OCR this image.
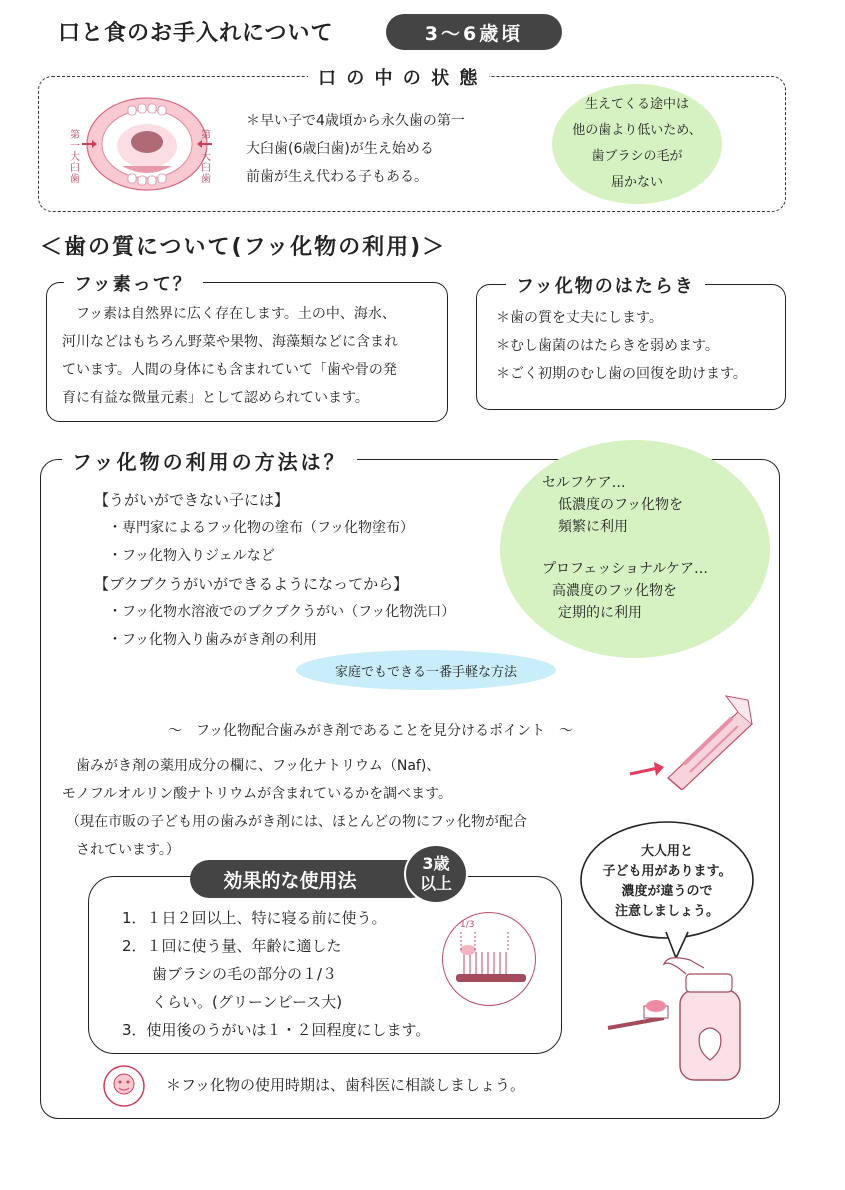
口と食のお手入れについて	3～6歳頃
口 の 中 の 状 態
第一大臼歯
第一大臼歯
＊早い子で4歳頃から永久歯の第一
大臼歯(6歳臼歯)が生え始める
前歯が生え代わる子もある。
生えてくる途中は
他の歯より低いため、
歯ブラシの毛が
届かない
＜歯の質について(フッ化物の利用)＞
フッ素って？
フッ素は自然界に広く存在します。土の中、海水、
河川などはもちろん野菜や果物、海藻類などに含まれ
ています。人間の身体にも含まれていて「歯や骨の発
育に有益な微量元素」として認められています。
フッ化物のはたらき
＊歯の質を丈夫にします。
＊むし歯菌のはたらきを弱めます。
＊ごく初期のむし歯の回復を助けます。
フッ化物の利用の方法は？
セルフケア…
低濃度のフッ化物を
頻繁に利用
プロフェッショナルケア…
高濃度のフッ化物を
定期的に利用
【うがいができない子には】
・専門家によるフッ化物の塗布（フッ化物塗布）
・フッ化物入りジェルなど
【ブクブクうがいができるようになってから】
・フッ化物水溶液でのブクブクうがい（フッ化物洗口）
・フッ化物入り歯みがき剤の利用
家庭でもできる一番手軽な方法
～　フッ化物配合歯みがき剤であることを見分けるポイント　～
歯みがき剤の薬用成分の欄に、フッ化ナトリウム（Naf)、
モノフルオルリン酸ナトリウムが含まれているかを調べます。
（現在市販の子ども用の歯みがき剤には、ほとんどの物にフッ化物が配合
されています。）	大人用と
子ども用があります。
濃度が違うので
注意しましょう。
効果的な使用法
3歳
以上
1．１日２回以上、特に寝る前に使う。
2．１回に使う量、年齢に適した
歯ブラシの毛の部分の１/３
くらい。(グリーンピース大)
3．使用後のうがいは１・２回程度にします。
1/3
＊フッ化物の使用時期は、歯科医に相談しましょう。
